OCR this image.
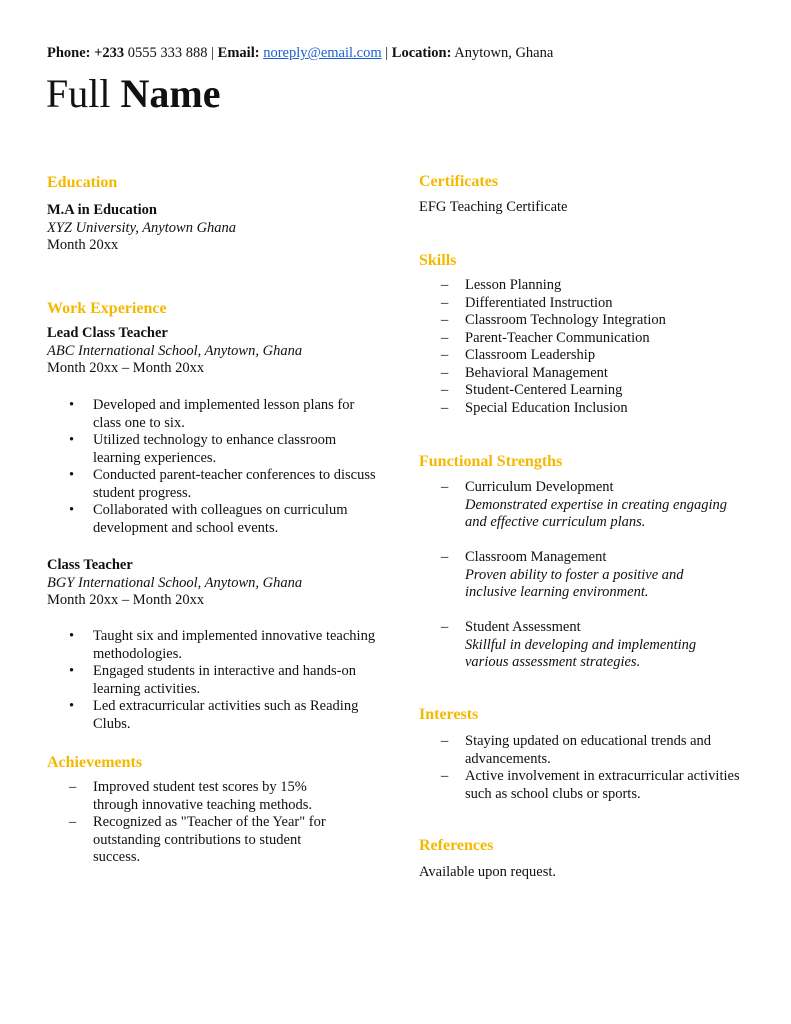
Phone: +233 0555 333 888 | Email: noreply@email.com | Location: Anytown, Ghana
Full Name
Education
M.A in Education
XYZ University, Anytown Ghana
Month 20xx
Work Experience
Lead Class Teacher
ABC International School, Anytown, Ghana
Month 20xx – Month 20xx
• Developed and implemented lesson plans for class one to six.
• Utilized technology to enhance classroom learning experiences.
• Conducted parent-teacher conferences to discuss student progress.
• Collaborated with colleagues on curriculum development and school events.
Class Teacher
BGY International School, Anytown, Ghana
Month 20xx – Month 20xx
• Taught six and implemented innovative teaching methodologies.
• Engaged students in interactive and hands-on learning activities.
• Led extracurricular activities such as Reading Clubs.
Achievements
– Improved student test scores by 15% through innovative teaching methods.
– Recognized as "Teacher of the Year" for outstanding contributions to student success.
Certificates
EFG Teaching Certificate
Skills
– Lesson Planning
– Differentiated Instruction
– Classroom Technology Integration
– Parent-Teacher Communication
– Classroom Leadership
– Behavioral Management
– Student-Centered Learning
– Special Education Inclusion
Functional Strengths
– Curriculum Development
Demonstrated expertise in creating engaging and effective curriculum plans.
– Classroom Management
Proven ability to foster a positive and inclusive learning environment.
– Student Assessment
Skillful in developing and implementing various assessment strategies.
Interests
– Staying updated on educational trends and advancements.
– Active involvement in extracurricular activities such as school clubs or sports.
References
Available upon request.
